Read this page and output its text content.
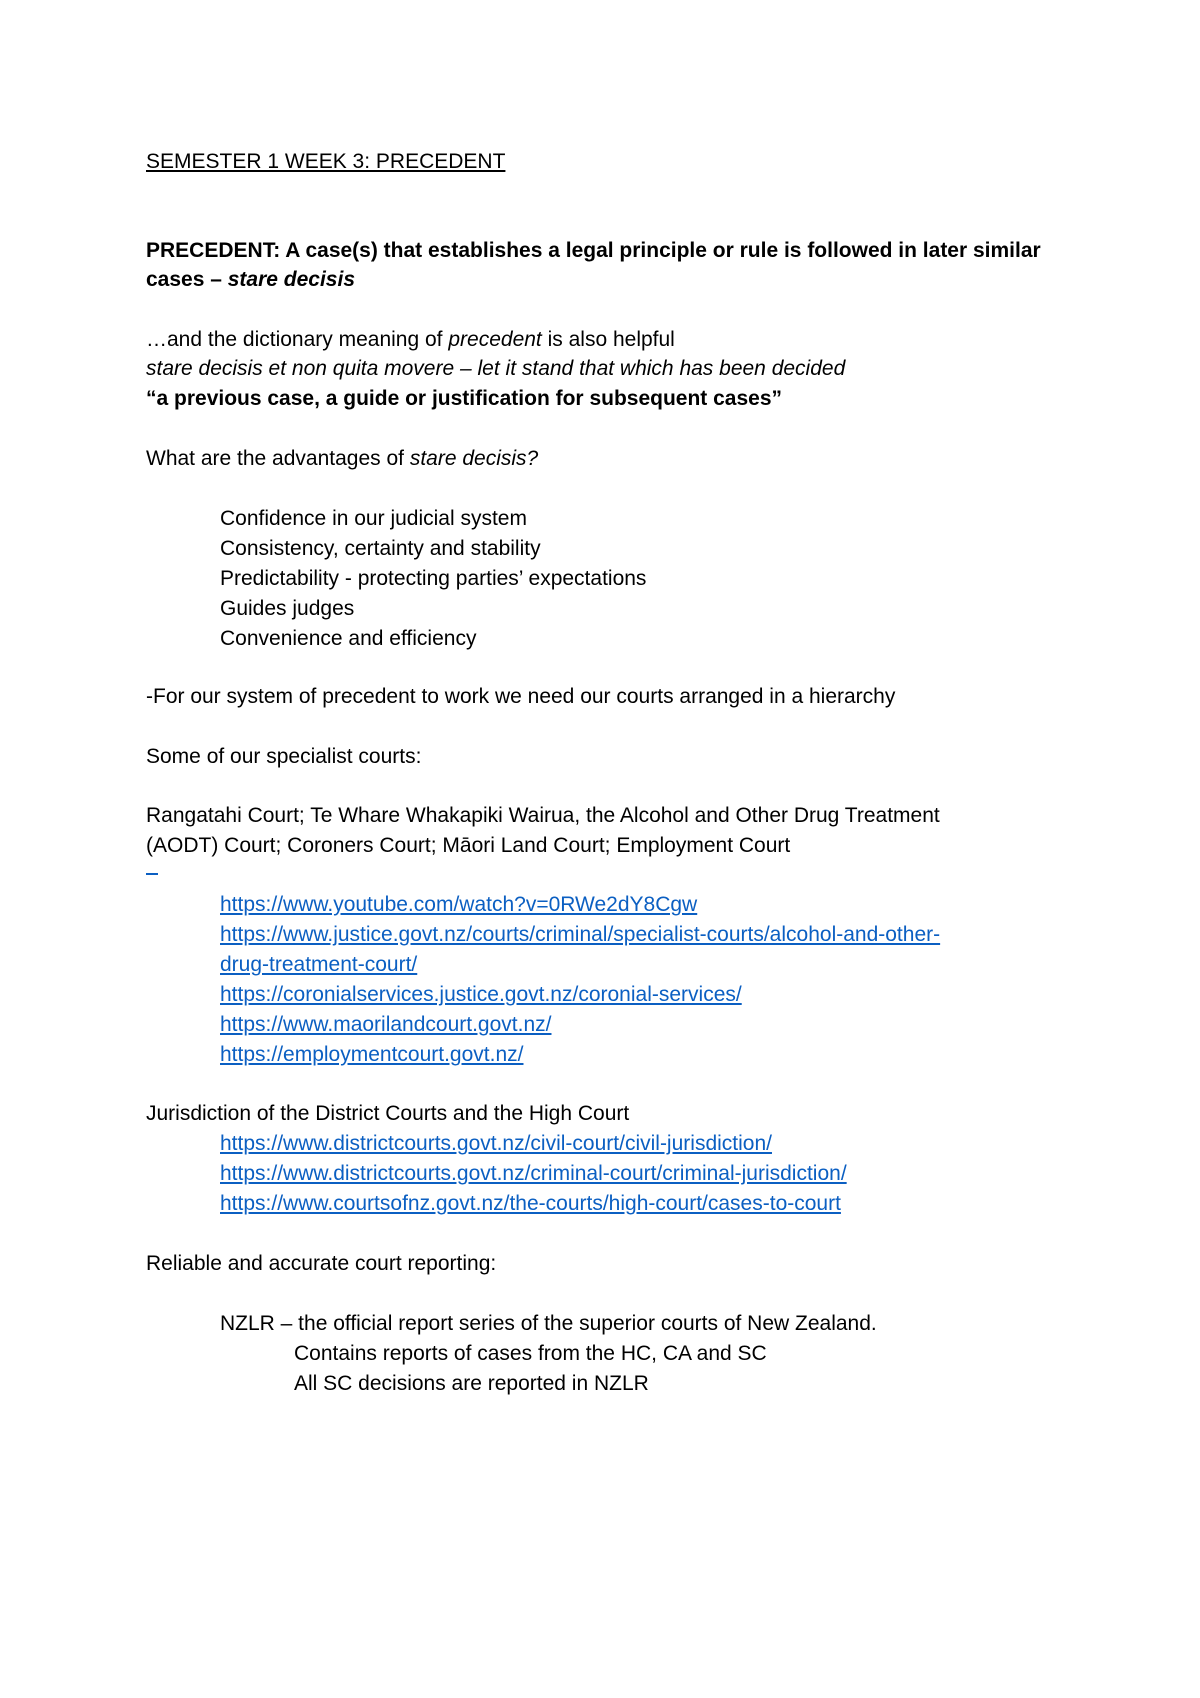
SEMESTER 1 WEEK 3: PRECEDENT
PRECEDENT: A case(s) that establishes a legal principle or rule is followed in later similar
cases – stare decisis
…and the dictionary meaning of precedent is also helpful
stare decisis et non quita movere – let it stand that which has been decided
“a previous case, a guide or justification for subsequent cases”
What are the advantages of stare decisis?
Confidence in our judicial system
Consistency, certainty and stability
Predictability - protecting parties’ expectations
Guides judges
Convenience and efficiency
-For our system of precedent to work we need our courts arranged in a hierarchy
Some of our specialist courts:
Rangatahi Court; Te Whare Whakapiki Wairua, the Alcohol and Other Drug Treatment
(AODT) Court; Coroners Court; Māori Land Court; Employment Court
https://www.youtube.com/watch?v=0RWe2dY8Cgw
https://www.justice.govt.nz/courts/criminal/specialist-courts/alcohol-and-other-
drug-treatment-court/
https://coronialservices.justice.govt.nz/coronial-services/
https://www.maorilandcourt.govt.nz/
https://employmentcourt.govt.nz/
Jurisdiction of the District Courts and the High Court
https://www.districtcourts.govt.nz/civil-court/civil-jurisdiction/
https://www.districtcourts.govt.nz/criminal-court/criminal-jurisdiction/
https://www.courtsofnz.govt.nz/the-courts/high-court/cases-to-court
Reliable and accurate court reporting:
NZLR – the official report series of the superior courts of New Zealand.
Contains reports of cases from the HC, CA and SC
All SC decisions are reported in NZLR
